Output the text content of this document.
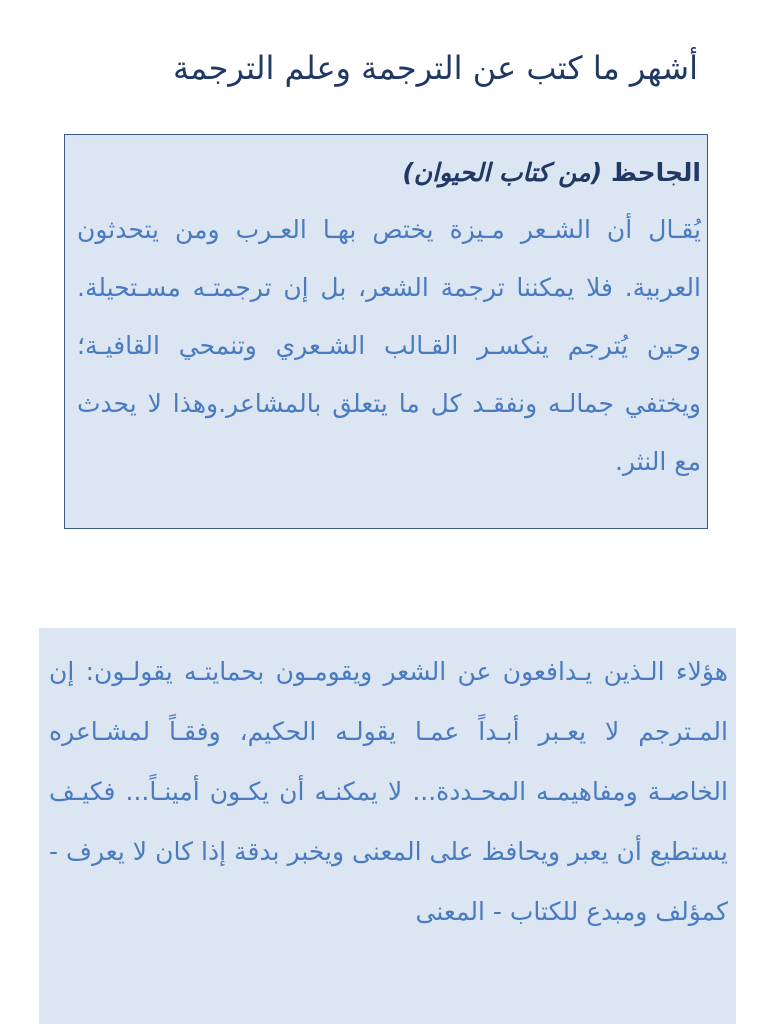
أشهر ما كتب عن الترجمة وعلم الترجمة
الجاحظ (من كتاب الحيوان)
يُقـال أن الشـعر مـيزة يختص بهـا العـرب ومن يتحدثون العربية. فلا يمكننا ترجمة الشعر، بل إن ترجمتـه مسـتحيلة. وحين يُترجم ينكسـر القـالب الشـعري وتنمحي القافيـة؛ ويختفي جمالـه ونفقـد كل ما يتعلق بالمشاعر.وهذا لا يحدث مع النثر.
هؤلاء الـذين يـدافعون عن الشعر ويقومـون بحمايتـه يقولـون: إن المـترجم لا يعـبر أبـداً عمـا يقولـه الحكيم، وفقـاً لمشـاعره الخاصـة ومفاهيمـه المحـددة... لا يمكنـه أن يكـون أمينـاً... فكيـف يستطيع أن يعبر ويحافظ على المعنى ويخبر بدقة إذا كان لا يعرف - كمؤلف ومبدع للكتاب - المعنى
